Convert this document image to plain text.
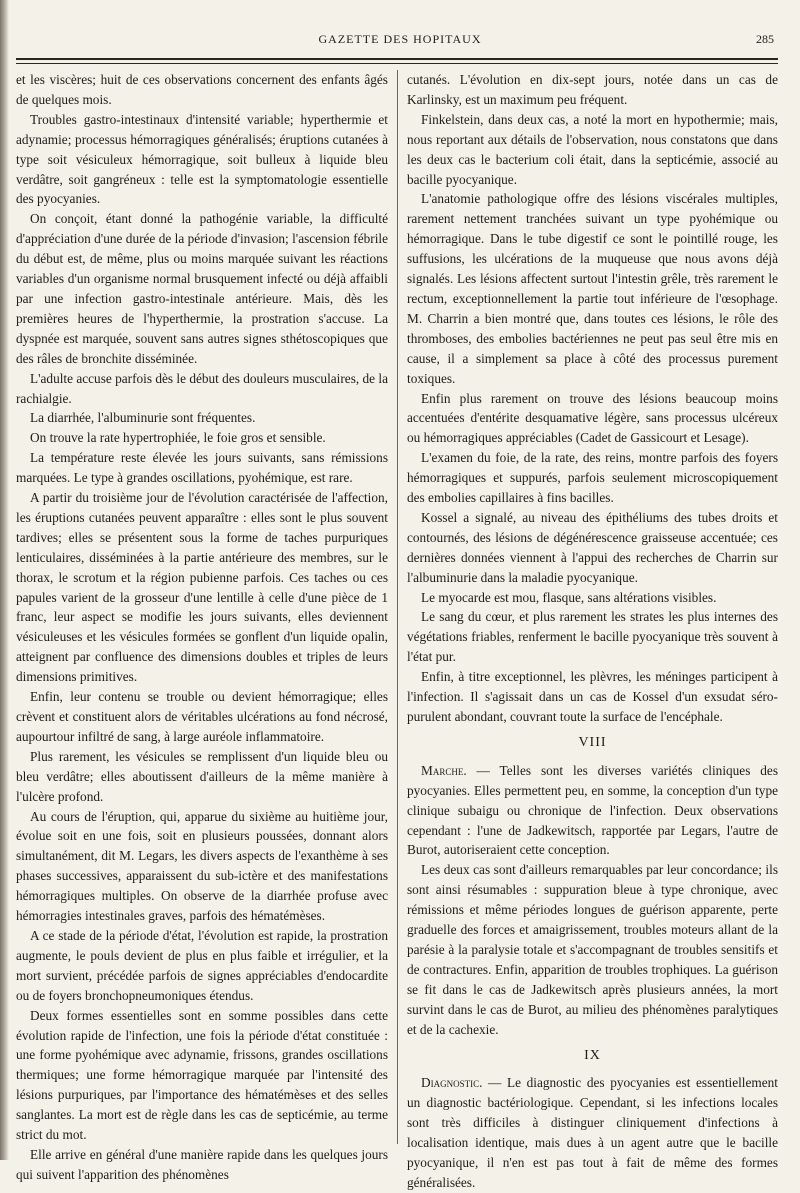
GAZETTE DES HOPITAUX	285

et les viscères; huit de ces observations concernent des enfants âgés de quelques mois.

Troubles gastro-intestinaux d'intensité variable; hyperthermie et adynamie; processus hémorragiques généralisés; éruptions cutanées à type soit vésiculeux hémorragique, soit bulleux à liquide bleu verdâtre, soit gangréneux : telle est la symptomatologie essentielle des pyocyanies.

On conçoit, étant donné la pathogénie variable, la difficulté d'appréciation d'une durée de la période d'invasion; l'ascension fébrile du début est, de même, plus ou moins marquée suivant les réactions variables d'un organisme normal brusquement infecté ou déjà affaibli par une infection gastro-intestinale antérieure. Mais, dès les premières heures de l'hyperthermie, la prostration s'accuse. La dyspnée est marquée, souvent sans autres signes sthétoscopiques que des râles de bronchite disséminée.

L'adulte accuse parfois dès le début des douleurs musculaires, de la rachialgie.

La diarrhée, l'albuminurie sont fréquentes.

On trouve la rate hypertrophiée, le foie gros et sensible.

La température reste élevée les jours suivants, sans rémissions marquées. Le type à grandes oscillations, pyohémique, est rare.

A partir du troisième jour de l'évolution caractérisée de l'affection, les éruptions cutanées peuvent apparaître : elles sont le plus souvent tardives; elles se présentent sous la forme de taches purpuriques lenticulaires, disséminées à la partie antérieure des membres, sur le thorax, le scrotum et la région pubienne parfois. Ces taches ou ces papules varient de la grosseur d'une lentille à celle d'une pièce de 1 franc, leur aspect se modifie les jours suivants, elles deviennent vésiculeuses et les vésicules formées se gonflent d'un liquide opalin, atteignent par confluence des dimensions doubles et triples de leurs dimensions primitives.

Enfin, leur contenu se trouble ou devient hémorragique; elles crèvent et constituent alors de véritables ulcérations au fond nécrosé, aupourtour infiltré de sang, à large auréole inflammatoire.

Plus rarement, les vésicules se remplissent d'un liquide bleu ou bleu verdâtre; elles aboutissent d'ailleurs de la même manière à l'ulcère profond.

Au cours de l'éruption, qui, apparue du sixième au huitième jour, évolue soit en une fois, soit en plusieurs poussées, donnant alors simultanément, dit M. Legars, les divers aspects de l'exanthème à ses phases successives, apparaissent du sub-ictère et des manifestations hémorragiques multiples. On observe de la diarrhée profuse avec hémorragies intestinales graves, parfois des hématémèses.

A ce stade de la période d'état, l'évolution est rapide, la prostration augmente, le pouls devient de plus en plus faible et irrégulier, et la mort survient, précédée parfois de signes appréciables d'endocardite ou de foyers bronchopneumoniques étendus.

Deux formes essentielles sont en somme possibles dans cette évolution rapide de l'infection, une fois la période d'état constituée : une forme pyohémique avec adynamie, frissons, grandes oscillations thermiques; une forme hémorragique marquée par l'intensité des lésions purpuriques, par l'importance des hématémèses et des selles sanglantes. La mort est de règle dans les cas de septicémie, au terme strict du mot.

Elle arrive en général d'une manière rapide dans les quelques jours qui suivent l'apparition des phénomènes

cutanés. L'évolution en dix-sept jours, notée dans un cas de Karlinsky, est un maximum peu fréquent.

Finkelstein, dans deux cas, a noté la mort en hypothermie; mais, nous reportant aux détails de l'observation, nous constatons que dans les deux cas le bacterium coli était, dans la septicémie, associé au bacille pyocyanique.

L'anatomie pathologique offre des lésions viscérales multiples, rarement nettement tranchées suivant un type pyohémique ou hémorragique. Dans le tube digestif ce sont le pointillé rouge, les suffusions, les ulcérations de la muqueuse que nous avons déjà signalés. Les lésions affectent surtout l'intestin grêle, très rarement le rectum, exceptionnellement la partie tout inférieure de l'œsophage. M. Charrin a bien montré que, dans toutes ces lésions, le rôle des thromboses, des embolies bactériennes ne peut pas seul être mis en cause, il a simplement sa place à côté des processus purement toxiques.

Enfin plus rarement on trouve des lésions beaucoup moins accentuées d'entérite desquamative légère, sans processus ulcéreux ou hémorragiques appréciables (Cadet de Gassicourt et Lesage).

L'examen du foie, de la rate, des reins, montre parfois des foyers hémorragiques et suppurés, parfois seulement microscopiquement des embolies capillaires à fins bacilles.

Kossel a signalé, au niveau des épithéliums des tubes droits et contournés, des lésions de dégénérescence graisseuse accentuée; ces dernières données viennent à l'appui des recherches de Charrin sur l'albuminurie dans la maladie pyocyanique.

Le myocarde est mou, flasque, sans altérations visibles.

Le sang du cœur, et plus rarement les strates les plus internes des végétations friables, renferment le bacille pyocyanique très souvent à l'état pur.

Enfin, à titre exceptionnel, les plèvres, les méninges participent à l'infection. Il s'agissait dans un cas de Kossel d'un exsudat séro-purulent abondant, couvrant toute la surface de l'encéphale.

VIII

Marche. — Telles sont les diverses variétés cliniques des pyocyanies. Elles permettent peu, en somme, la conception d'un type clinique subaigu ou chronique de l'infection. Deux observations cependant : l'une de Jadkewitsch, rapportée par Legars, l'autre de Burot, autoriseraient cette conception.

Les deux cas sont d'ailleurs remarquables par leur concordance; ils sont ainsi résumables : suppuration bleue à type chronique, avec rémissions et même périodes longues de guérison apparente, perte graduelle des forces et amaigrissement, troubles moteurs allant de la parésie à la paralysie totale et s'accompagnant de troubles sensitifs et de contractures. Enfin, apparition de troubles trophiques. La guérison se fit dans le cas de Jadkewitsch après plusieurs années, la mort survint dans le cas de Burot, au milieu des phénomènes paralytiques et de la cachexie.

IX

Diagnostic. — Le diagnostic des pyocyanies est essentiellement un diagnostic bactériologique. Cependant, si les infections locales sont très difficiles à distinguer cliniquement d'infections à localisation identique, mais dues à un agent autre que le bacille pyocyanique, il n'en est pas tout à fait de même des formes généralisées.
